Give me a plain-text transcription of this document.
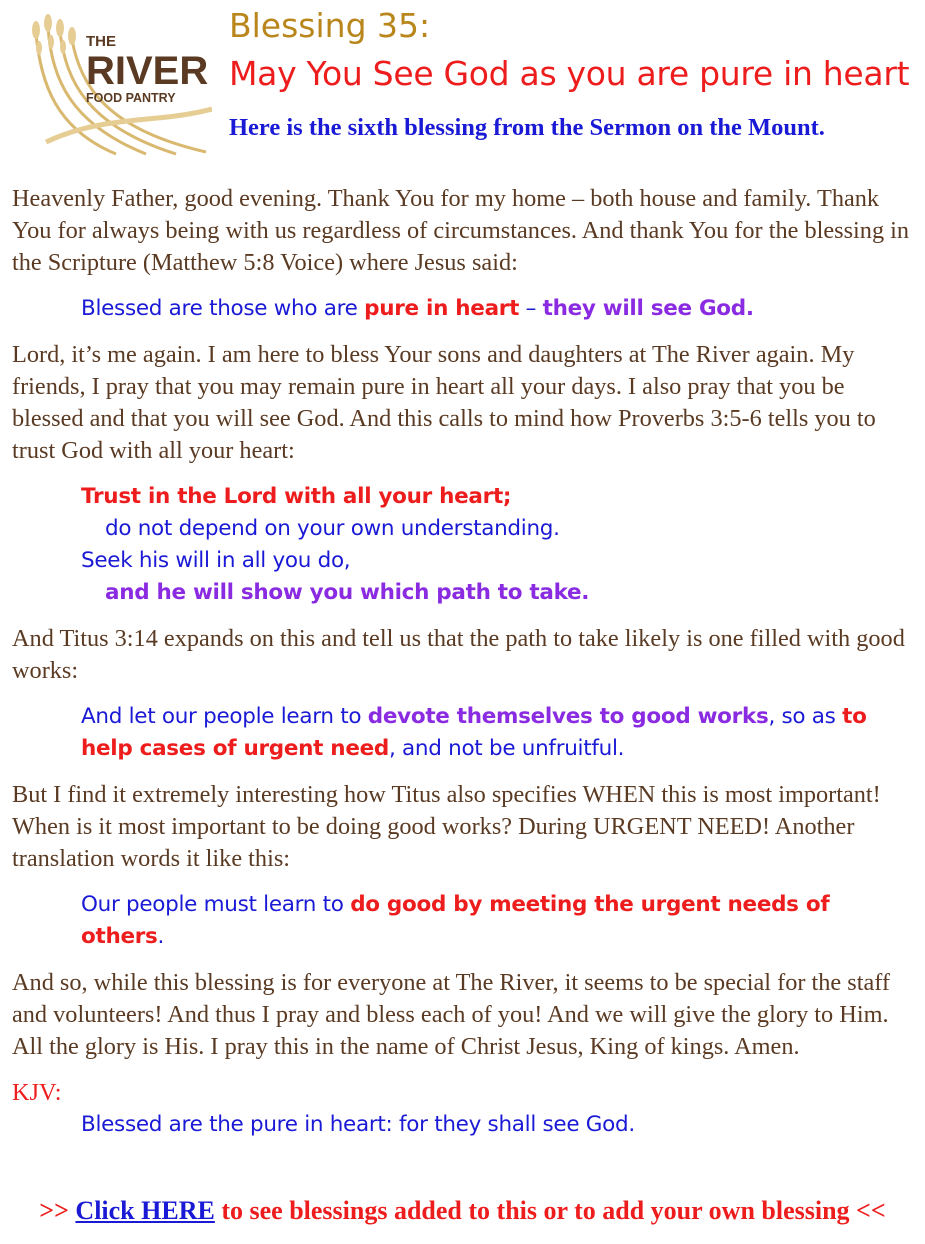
THE
RIVER
FOOD PANTRY
Blessing 35:
May You See God as you are pure in heart
Here is the sixth blessing from the Sermon on the Mount.

Heavenly Father, good evening. Thank You for my home – both house and family. Thank You for always being with us regardless of circumstances. And thank You for the blessing in the Scripture (Matthew 5:8 Voice) where Jesus said:

Blessed are those who are pure in heart – they will see God.

Lord, it’s me again. I am here to bless Your sons and daughters at The River again. My friends, I pray that you may remain pure in heart all your days. I also pray that you be blessed and that you will see God. And this calls to mind how Proverbs 3:5-6 tells you to trust God with all your heart:

Trust in the Lord with all your heart;
do not depend on your own understanding.
Seek his will in all you do,
and he will show you which path to take.

And Titus 3:14 expands on this and tell us that the path to take likely is one filled with good works:

And let our people learn to devote themselves to good works, so as to help cases of urgent need, and not be unfruitful.

But I find it extremely interesting how Titus also specifies WHEN this is most important! When is it most important to be doing good works? During URGENT NEED! Another translation words it like this:

Our people must learn to do good by meeting the urgent needs of others.

And so, while this blessing is for everyone at The River, it seems to be special for the staff and volunteers! And thus I pray and bless each of you! And we will give the glory to Him. All the glory is His. I pray this in the name of Christ Jesus, King of kings. Amen.

KJV:

Blessed are the pure in heart: for they shall see God.

>> Click HERE to see blessings added to this or to add your own blessing <<
